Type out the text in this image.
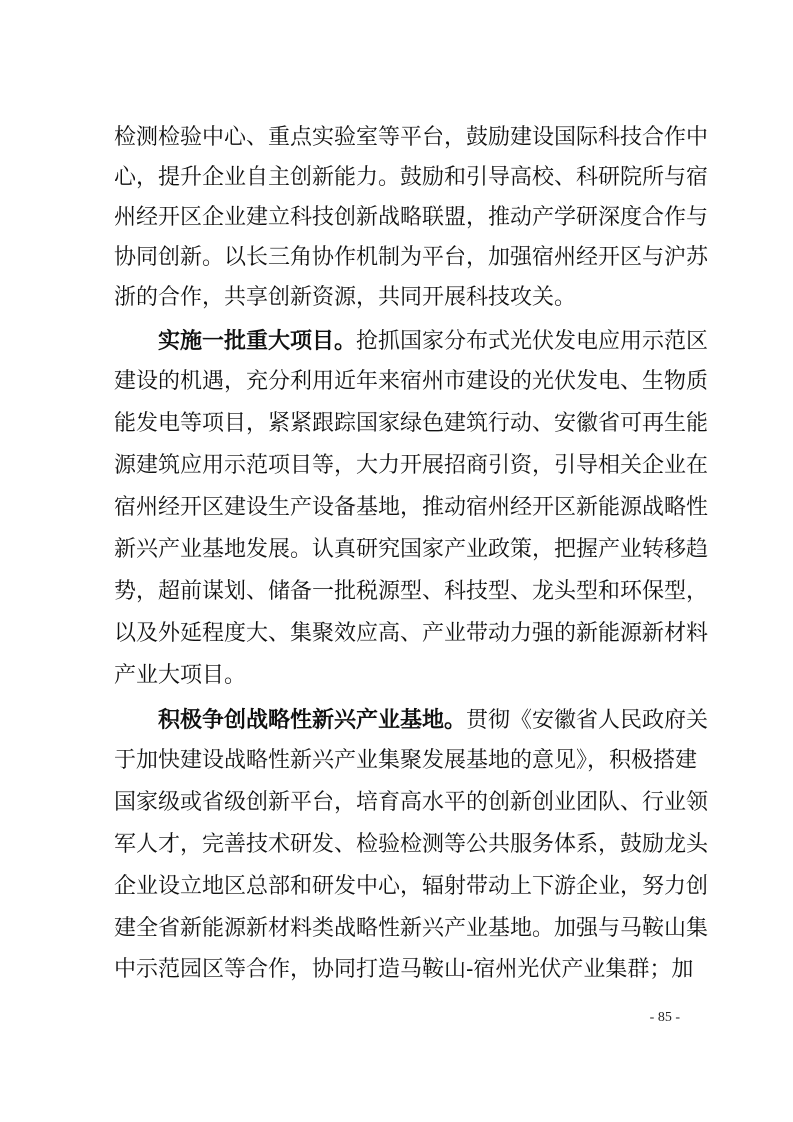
检测检验中心、重点实验室等平台，鼓励建设国际科技合作中
心，提升企业自主创新能力。鼓励和引导高校、科研院所与宿
州经开区企业建立科技创新战略联盟，推动产学研深度合作与
协同创新。以长三角协作机制为平台，加强宿州经开区与沪苏
浙的合作，共享创新资源，共同开展科技攻关。
实施一批重大项目。抢抓国家分布式光伏发电应用示范区
建设的机遇，充分利用近年来宿州市建设的光伏发电、生物质
能发电等项目，紧紧跟踪国家绿色建筑行动、安徽省可再生能
源建筑应用示范项目等，大力开展招商引资，引导相关企业在
宿州经开区建设生产设备基地，推动宿州经开区新能源战略性
新兴产业基地发展。认真研究国家产业政策，把握产业转移趋
势，超前谋划、储备一批税源型、科技型、龙头型和环保型，
以及外延程度大、集聚效应高、产业带动力强的新能源新材料
产业大项目。
积极争创战略性新兴产业基地。贯彻《安徽省人民政府关
于加快建设战略性新兴产业集聚发展基地的意见》，积极搭建
国家级或省级创新平台，培育高水平的创新创业团队、行业领
军人才，完善技术研发、检验检测等公共服务体系，鼓励龙头
企业设立地区总部和研发中心，辐射带动上下游企业，努力创
建全省新能源新材料类战略性新兴产业基地。加强与马鞍山集
中示范园区等合作，协同打造马鞍山-宿州光伏产业集群；加
- 85 -
